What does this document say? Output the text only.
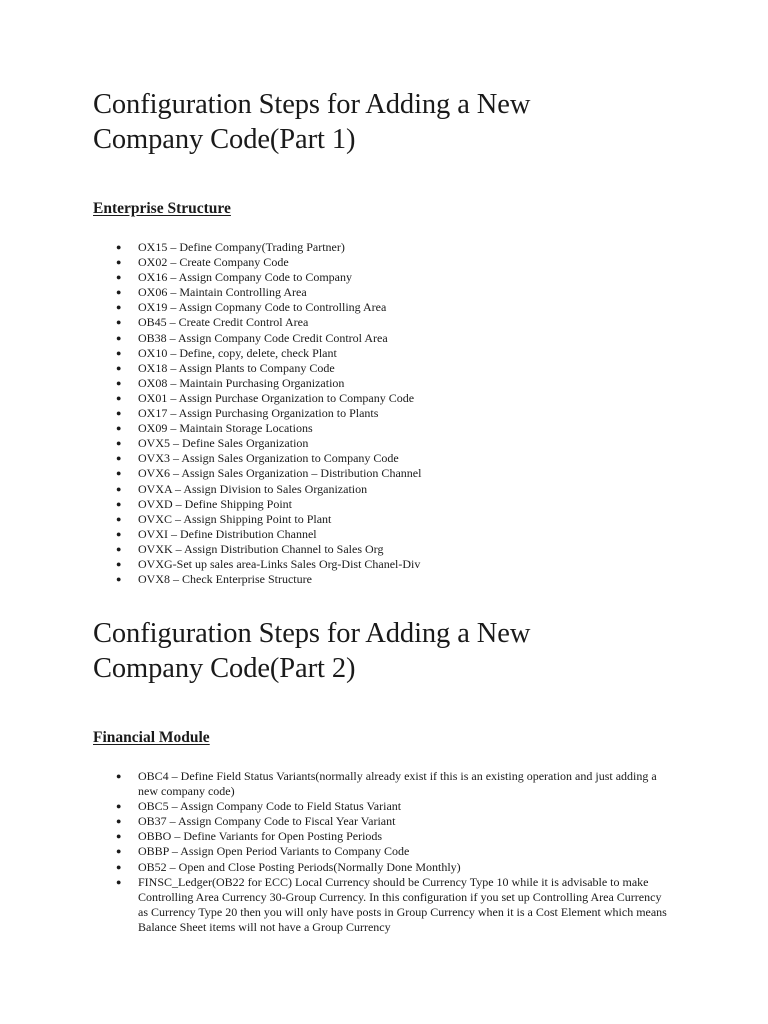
Configuration Steps for Adding a New
Company Code(Part 1)
Enterprise Structure
● OX15 – Define Company(Trading Partner)
● OX02 – Create Company Code
● OX16 – Assign Company Code to Company
● OX06 – Maintain Controlling Area
● OX19 – Assign Copmany Code to Controlling Area
● OB45 – Create Credit Control Area
● OB38 – Assign Company Code Credit Control Area
● OX10 – Define, copy, delete, check Plant
● OX18 – Assign Plants to Company Code
● OX08 – Maintain Purchasing Organization
● OX01 – Assign Purchase Organization to Company Code
● OX17 – Assign Purchasing Organization to Plants
● OX09 – Maintain Storage Locations
● OVX5 – Define Sales Organization
● OVX3 – Assign Sales Organization to Company Code
● OVX6 – Assign Sales Organization – Distribution Channel
● OVXA – Assign Division to Sales Organization
● OVXD – Define Shipping Point
● OVXC – Assign Shipping Point to Plant
● OVXI – Define Distribution Channel
● OVXK – Assign Distribution Channel to Sales Org
● OVXG-Set up sales area-Links Sales Org-Dist Chanel-Div
● OVX8 – Check Enterprise Structure
Configuration Steps for Adding a New
Company Code(Part 2)
Financial Module
● OBC4 – Define Field Status Variants(normally already exist if this is an existing operation and just adding a new company code)
● OBC5 – Assign Company Code to Field Status Variant
● OB37 – Assign Company Code to Fiscal Year Variant
● OBBO – Define Variants for Open Posting Periods
● OBBP – Assign Open Period Variants to Company Code
● OB52 – Open and Close Posting Periods(Normally Done Monthly)
● FINSC_Ledger(OB22 for ECC) Local Currency should be Currency Type 10 while it is advisable to make Controlling Area Currency 30-Group Currency. In this configuration if you set up Controlling Area Currency as Currency Type 20 then you will only have posts in Group Currency when it is a Cost Element which means Balance Sheet items will not have a Group Currency
